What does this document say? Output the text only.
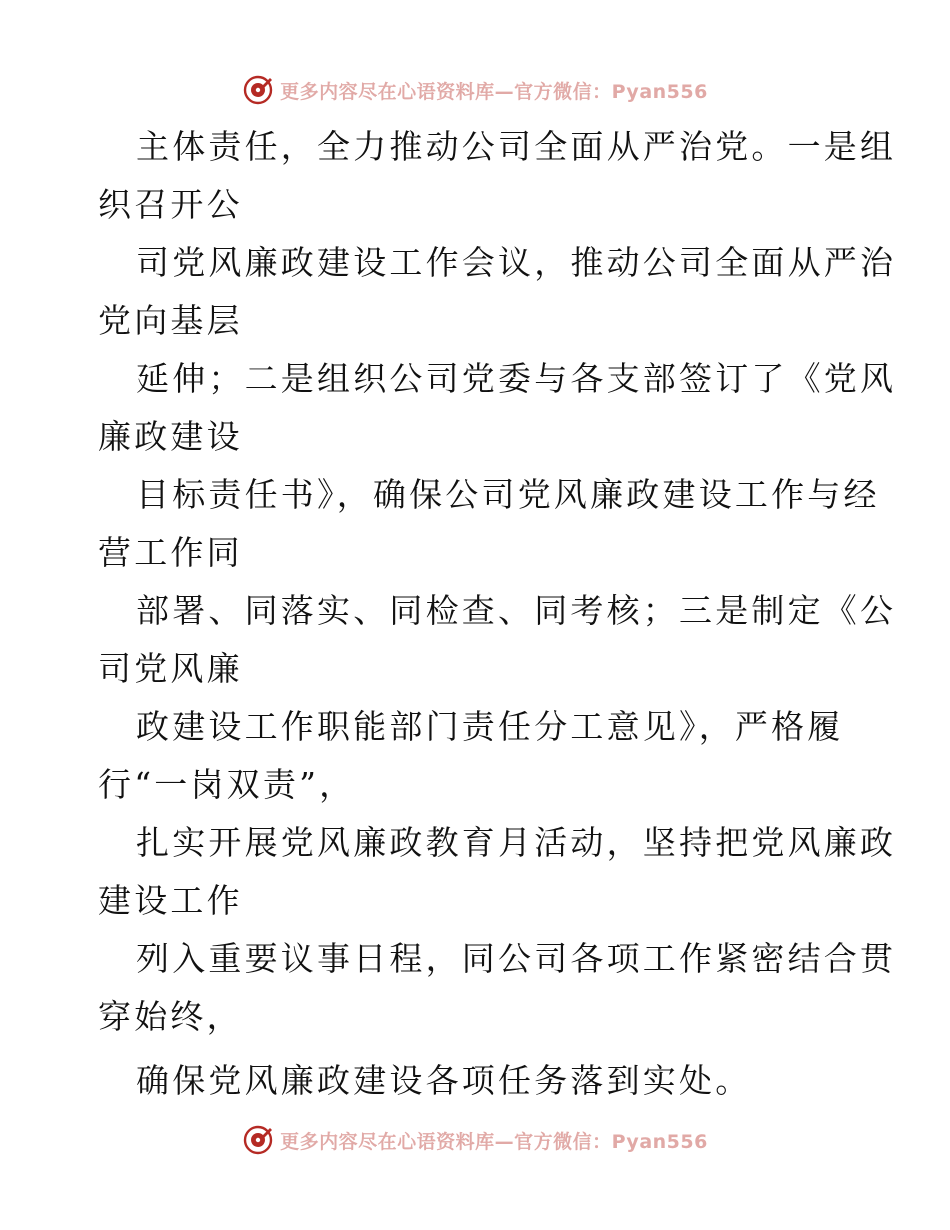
更多内容尽在心语资料库—官方微信：Pyan556
主体责任，全力推动公司全面从严治党。一是组
织召开公
司党风廉政建设工作会议，推动公司全面从严治
党向基层
延伸；二是组织公司党委与各支部签订了《党风
廉政建设
目标责任书》，确保公司党风廉政建设工作与经
营工作同
部署、同落实、同检查、同考核；三是制定《公
司党风廉
政建设工作职能部门责任分工意见》，严格履
行“一岗双责”，
扎实开展党风廉政教育月活动，坚持把党风廉政
建设工作
列入重要议事日程，同公司各项工作紧密结合贯
穿始终，
确保党风廉政建设各项任务落到实处。
更多内容尽在心语资料库—官方微信：Pyan556
